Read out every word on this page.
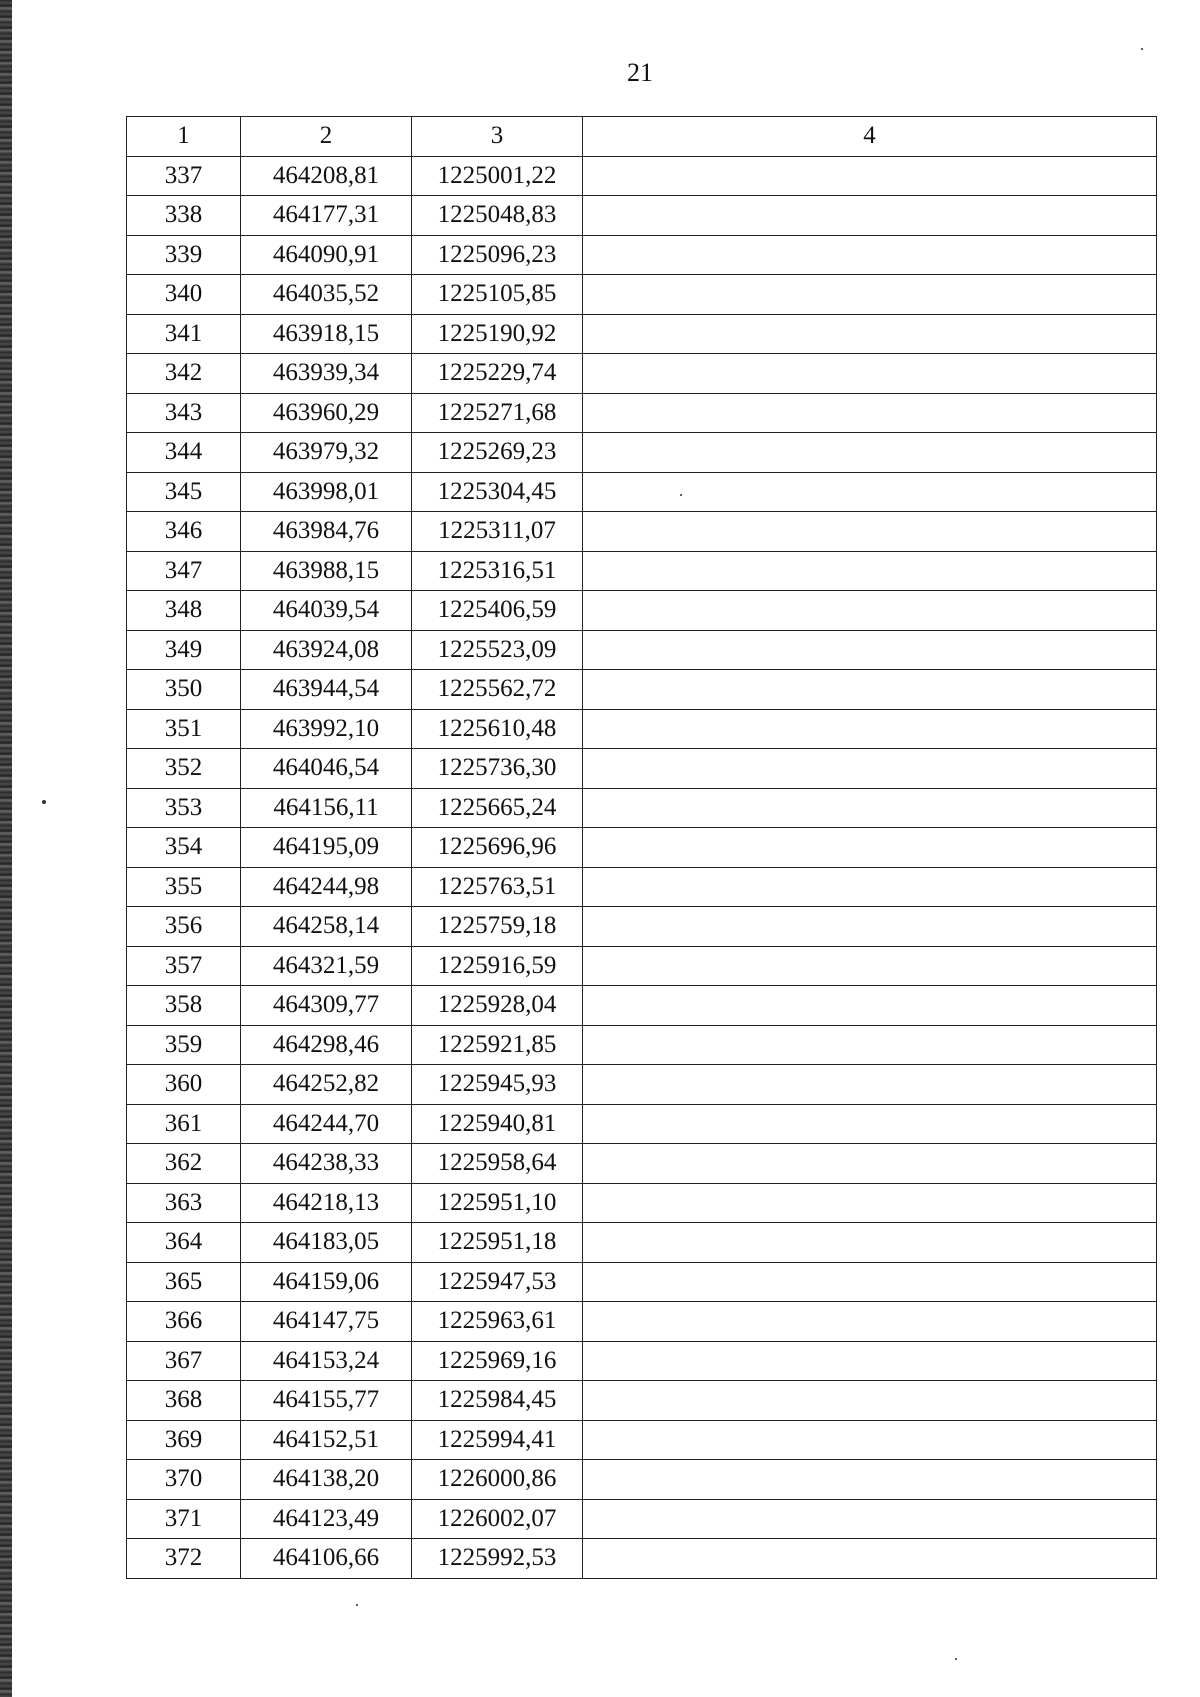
21
1	2	3	4
337	464208,81	1225001,22	
338	464177,31	1225048,83	
339	464090,91	1225096,23	
340	464035,52	1225105,85	
341	463918,15	1225190,92	
342	463939,34	1225229,74	
343	463960,29	1225271,68	
344	463979,32	1225269,23	
345	463998,01	1225304,45	
346	463984,76	1225311,07	
347	463988,15	1225316,51	
348	464039,54	1225406,59	
349	463924,08	1225523,09	
350	463944,54	1225562,72	
351	463992,10	1225610,48	
352	464046,54	1225736,30	
353	464156,11	1225665,24	
354	464195,09	1225696,96	
355	464244,98	1225763,51	
356	464258,14	1225759,18	
357	464321,59	1225916,59	
358	464309,77	1225928,04	
359	464298,46	1225921,85	
360	464252,82	1225945,93	
361	464244,70	1225940,81	
362	464238,33	1225958,64	
363	464218,13	1225951,10	
364	464183,05	1225951,18	
365	464159,06	1225947,53	
366	464147,75	1225963,61	
367	464153,24	1225969,16	
368	464155,77	1225984,45	
369	464152,51	1225994,41	
370	464138,20	1226000,86	
371	464123,49	1226002,07	
372	464106,66	1225992,53	
